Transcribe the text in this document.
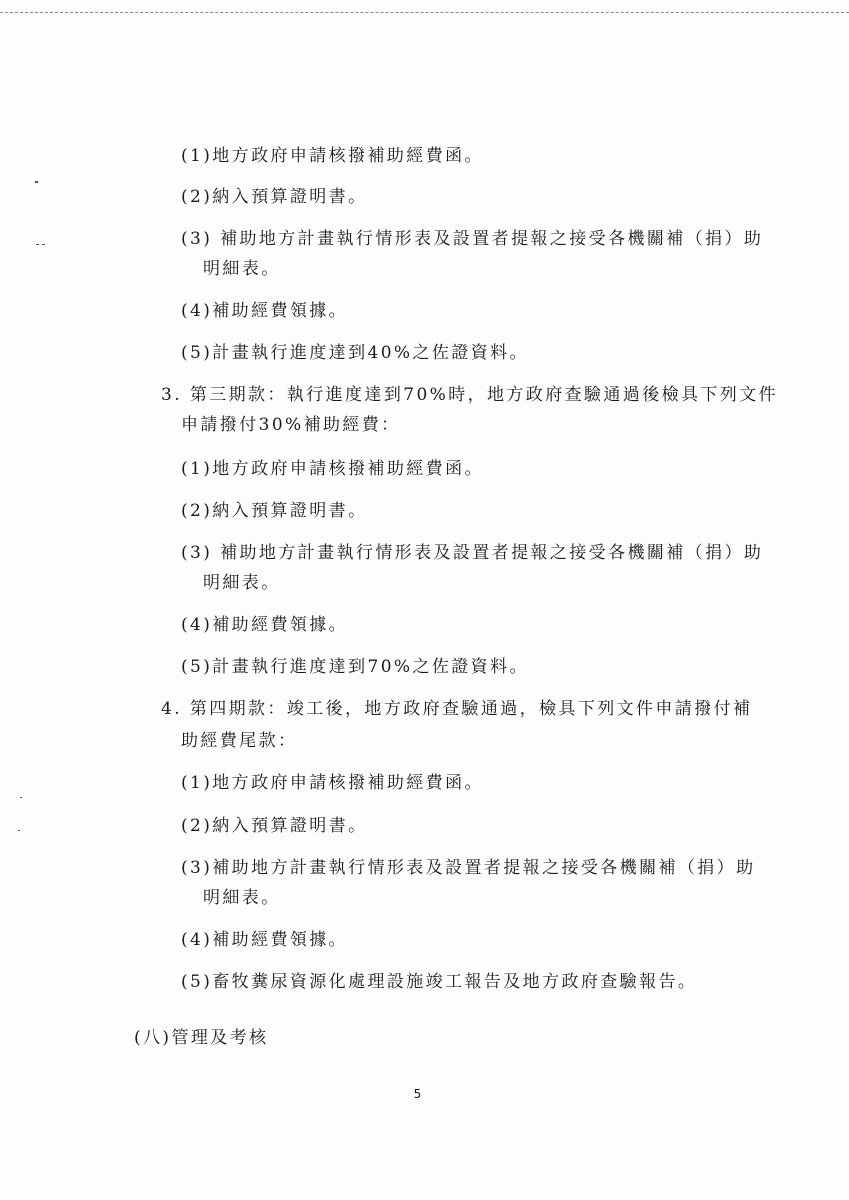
(1)地方政府申請核撥補助經費函。
(2)納入預算證明書。
(3) 補助地方計畫執行情形表及設置者提報之接受各機關補（捐）助
明細表。
(4)補助經費領據。
(5)計畫執行進度達到40%之佐證資料。
3. 第三期款：執行進度達到70%時，地方政府查驗通過後檢具下列文件
申請撥付30%補助經費：
(1)地方政府申請核撥補助經費函。
(2)納入預算證明書。
(3) 補助地方計畫執行情形表及設置者提報之接受各機關補（捐）助
明細表。
(4)補助經費領據。
(5)計畫執行進度達到70%之佐證資料。
4. 第四期款：竣工後，地方政府查驗通過，檢具下列文件申請撥付補
助經費尾款：
(1)地方政府申請核撥補助經費函。
(2)納入預算證明書。
(3)補助地方計畫執行情形表及設置者提報之接受各機關補（捐）助
明細表。
(4)補助經費領據。
(5)畜牧糞尿資源化處理設施竣工報告及地方政府查驗報告。
(八)管理及考核
5
